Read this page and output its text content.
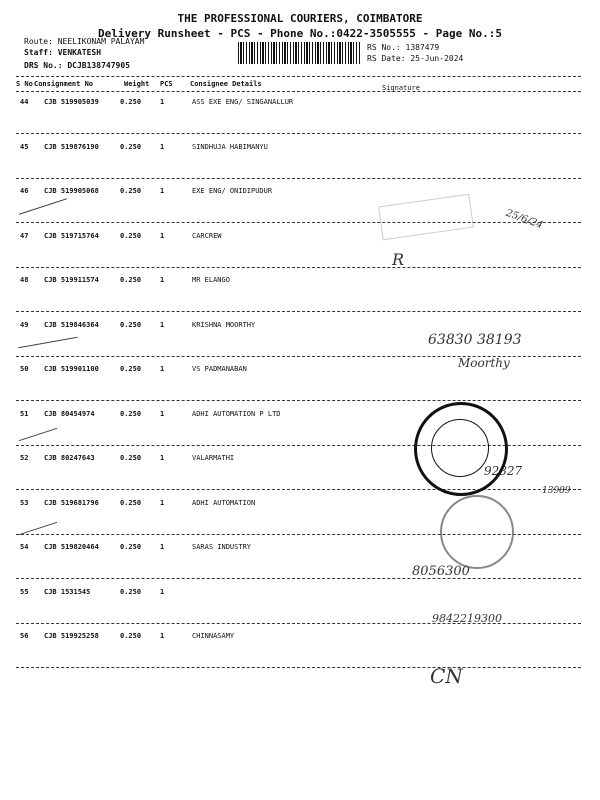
THE PROFESSIONAL COURIERS, COIMBATORE
Delivery Runsheet - PCS - Phone No.:0422-3505555 - Page No.:5
Route: NEELIKONAM PALAYAM
Staff: VENKATESH
DRS No.: DCJB138747905
RS No.: 1387479
RS Date: 25-Jun-2024
S No Consignment No	Weight PCS Consignee Details	Signature
44 CJB 519905039	0.250	1	ASS EXE ENG/ SINGANALLUR
45 CJB 519876190	0.250	1	SINDHUJA HABIMANYU
46 CJB 519905068	0.250	1	EXE ENG/ ONIDIPUDUR
47 CJB 519715764	0.250	1	CARCREW
48 CJB 519911574	0.250	1	MR ELANGO
49 CJB 519846364	0.250	1	KRISHNA MOORTHY
50 CJB 519901100	0.250	1	VS PADMANABAN
51 CJB 80454974	0.250	1	ADHI AUTOMATION P LTD
52 CJB 80247643	0.250	1	VALARMATHI
53 CJB 519681796	0.250	1	ADHI AUTOMATION
54 CJB 519820464	0.250	1	SARAS INDUSTRY
55 CJB 1531545	0.250	1
56 CJB 519925258	0.250	1	CHINNASAMY
25/6/24
R
63830 38193
Moorthy
92827
13989
8056300
9842219300
CN
